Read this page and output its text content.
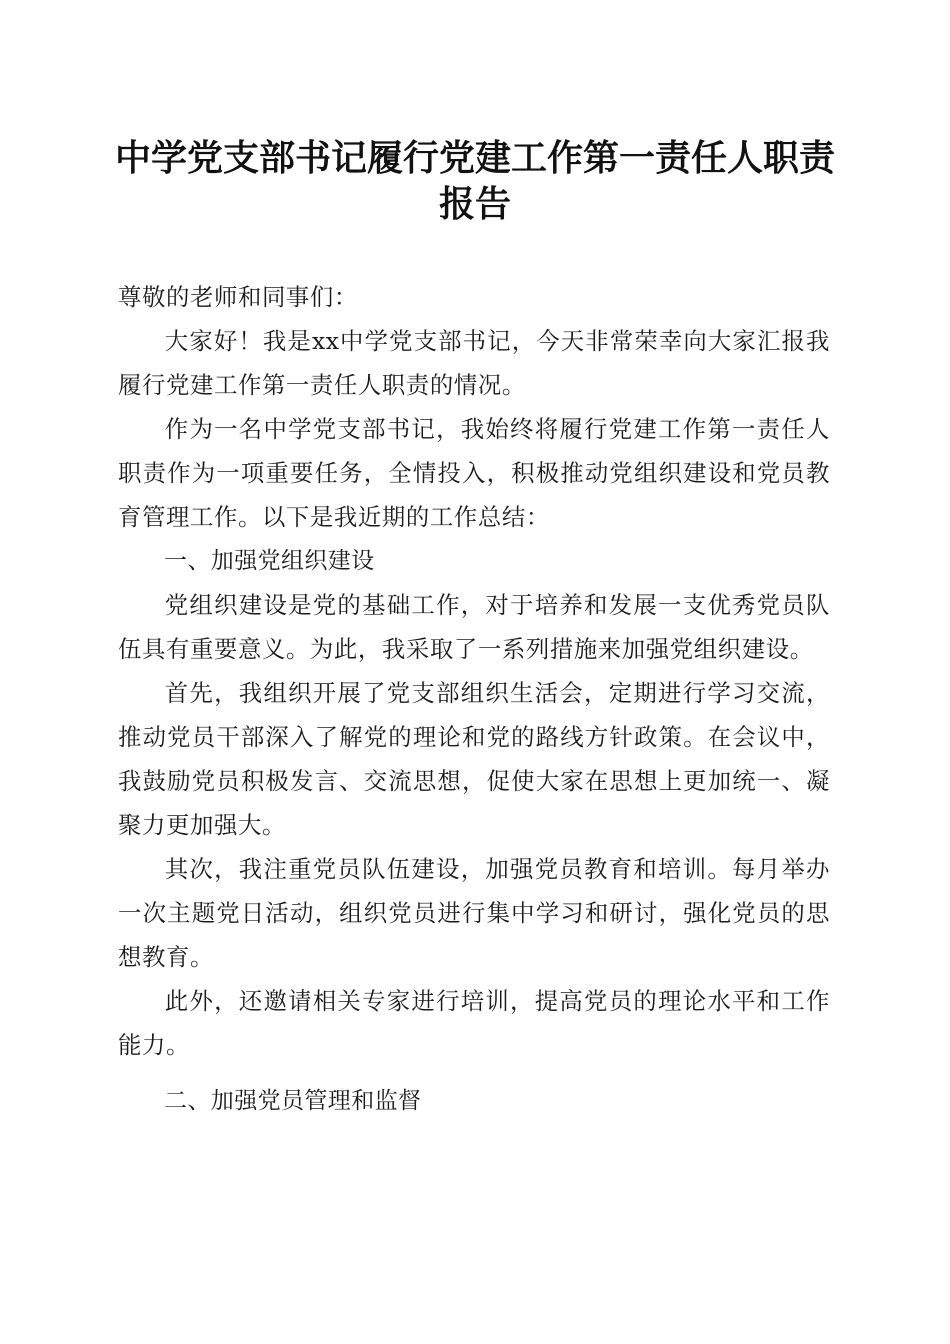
中学党支部书记履行党建工作第一责任人职责
报告

尊敬的老师和同事们：

大家好！我是xx中学党支部书记，今天非常荣幸向大家汇报我履行党建工作第一责任人职责的情况。

作为一名中学党支部书记，我始终将履行党建工作第一责任人职责作为一项重要任务，全情投入，积极推动党组织建设和党员教育管理工作。以下是我近期的工作总结：

一、加强党组织建设

党组织建设是党的基础工作，对于培养和发展一支优秀党员队伍具有重要意义。为此，我采取了一系列措施来加强党组织建设。

首先，我组织开展了党支部组织生活会，定期进行学习交流，推动党员干部深入了解党的理论和党的路线方针政策。在会议中，我鼓励党员积极发言、交流思想，促使大家在思想上更加统一、凝聚力更加强大。

其次，我注重党员队伍建设，加强党员教育和培训。每月举办一次主题党日活动，组织党员进行集中学习和研讨，强化党员的思想教育。

此外，还邀请相关专家进行培训，提高党员的理论水平和工作能力。

二、加强党员管理和监督
